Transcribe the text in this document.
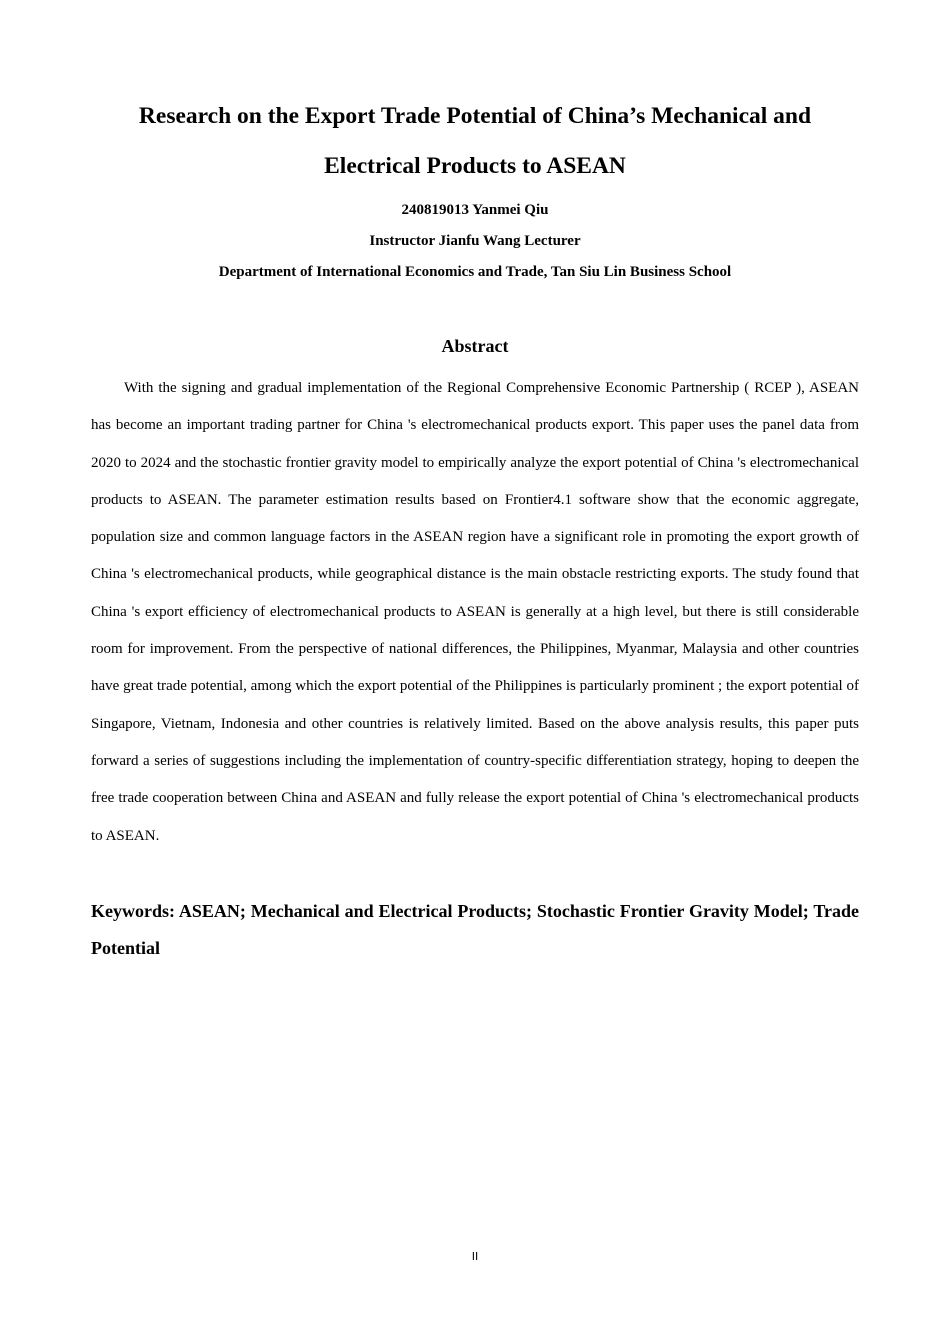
Research on the Export Trade Potential of China’s Mechanical and
Electrical Products to ASEAN
240819013 Yanmei Qiu
Instructor Jianfu Wang Lecturer
Department of International Economics and Trade, Tan Siu Lin Business School
Abstract

With the signing and gradual implementation of the Regional Comprehensive Economic Partnership ( RCEP ), ASEAN has become an important trading partner for China 's electromechanical products export. This paper uses the panel data from 2020 to 2024 and the stochastic frontier gravity model to empirically analyze the export potential of China 's electromechanical products to ASEAN. The parameter estimation results based on Frontier4.1 software show that the economic aggregate, population size and common language factors in the ASEAN region have a significant role in promoting the export growth of China 's electromechanical products, while geographical distance is the main obstacle restricting exports. The study found that China 's export efficiency of electromechanical products to ASEAN is generally at a high level, but there is still considerable room for improvement. From the perspective of national differences, the Philippines, Myanmar, Malaysia and other countries have great trade potential, among which the export potential of the Philippines is particularly prominent ; the export potential of Singapore, Vietnam, Indonesia and other countries is relatively limited. Based on the above analysis results, this paper puts forward a series of suggestions including the implementation of country-specific differentiation strategy, hoping to deepen the free trade cooperation between China and ASEAN and fully release the export potential of China 's electromechanical products to ASEAN.

Keywords: ASEAN; Mechanical and Electrical Products; Stochastic Frontier Gravity Model; Trade Potential

II
